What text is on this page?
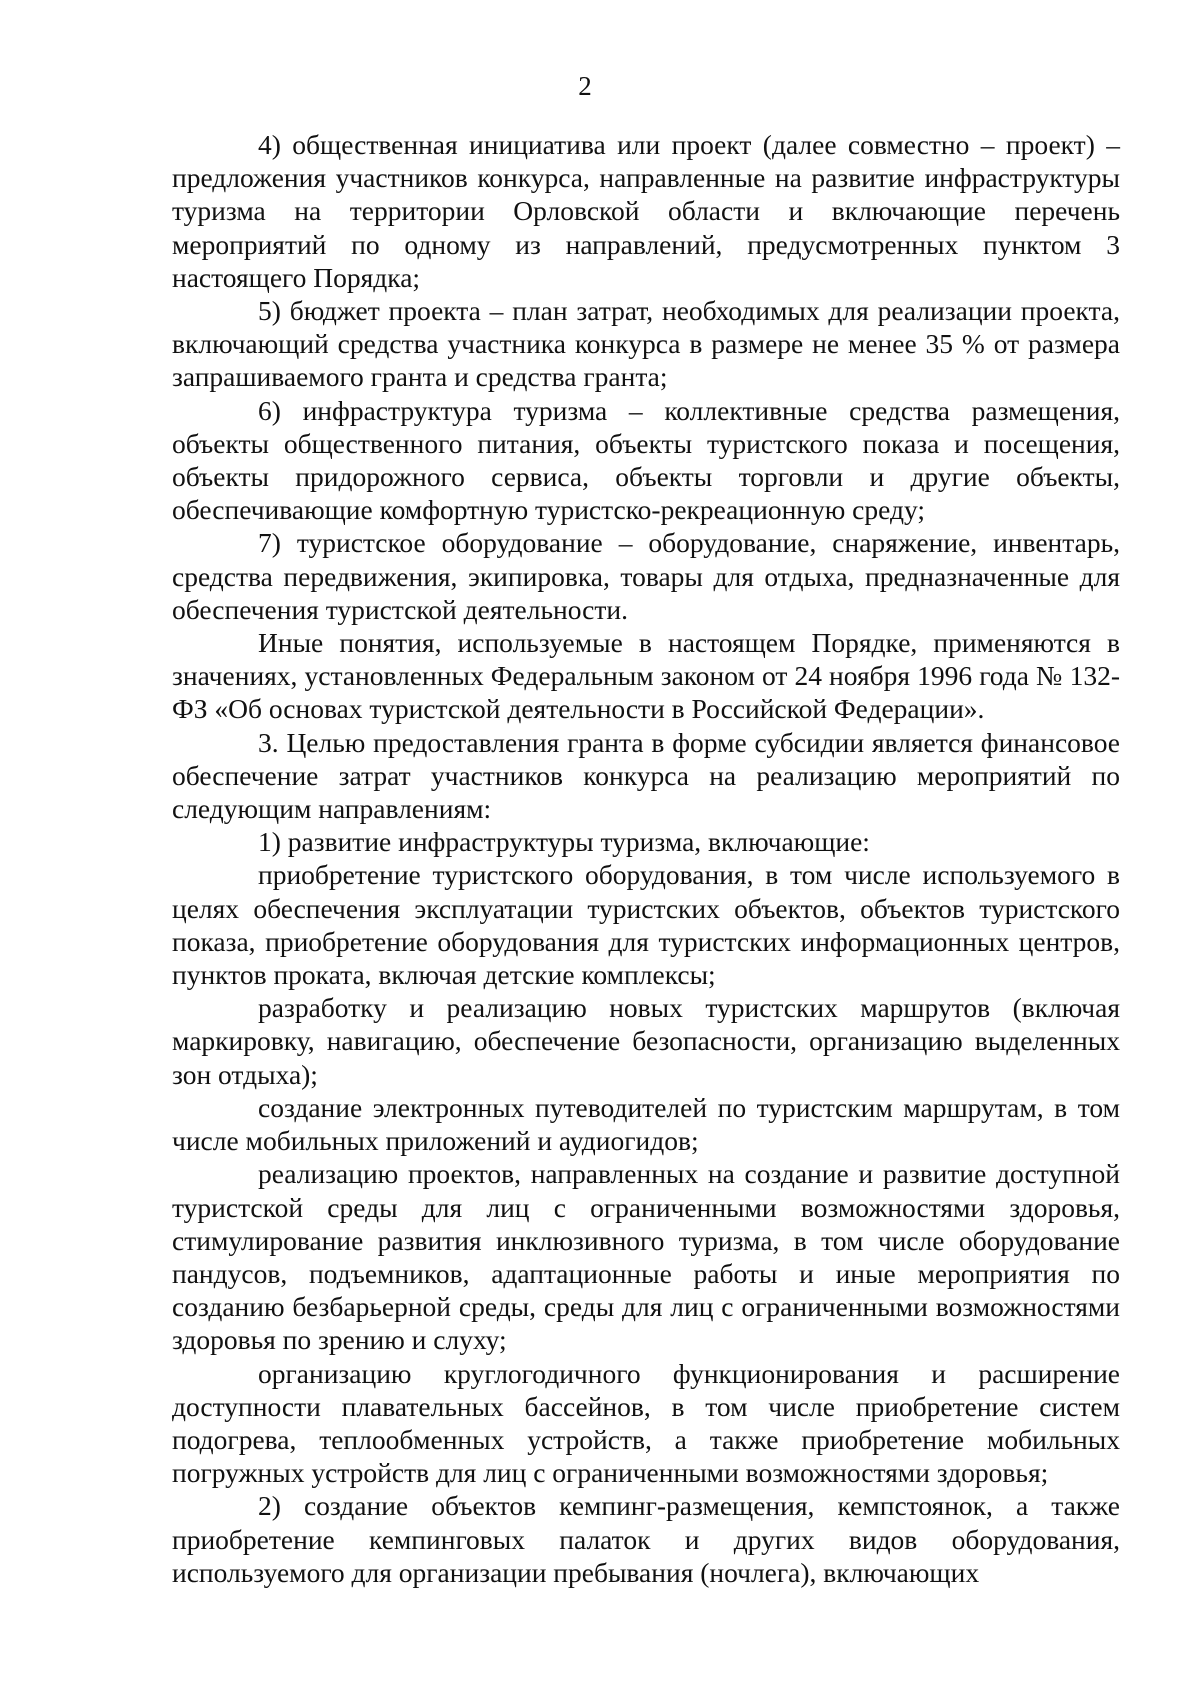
2

4) общественная инициатива или проект (далее совместно – проект) – предложения участников конкурса, направленные на развитие инфраструктуры туризма на территории Орловской области и включающие перечень мероприятий по одному из направлений, предусмотренных пунктом 3 настоящего Порядка;

5) бюджет проекта – план затрат, необходимых для реализации проекта, включающий средства участника конкурса в размере не менее 35 % от размера запрашиваемого гранта и средства гранта;

6) инфраструктура туризма – коллективные средства размещения, объекты общественного питания, объекты туристского показа и посещения, объекты придорожного сервиса, объекты торговли и другие объекты, обеспечивающие комфортную туристско-рекреационную среду;

7) туристское оборудование – оборудование, снаряжение, инвентарь, средства передвижения, экипировка, товары для отдыха, предназначенные для обеспечения туристской деятельности.

Иные понятия, используемые в настоящем Порядке, применяются в значениях, установленных Федеральным законом от 24 ноября 1996 года № 132-ФЗ «Об основах туристской деятельности в Российской Федерации».

3. Целью предоставления гранта в форме субсидии является финансовое обеспечение затрат участников конкурса на реализацию мероприятий по следующим направлениям:

1) развитие инфраструктуры туризма, включающие:

приобретение туристского оборудования, в том числе используемого в целях обеспечения эксплуатации туристских объектов, объектов туристского показа, приобретение оборудования для туристских информационных центров, пунктов проката, включая детские комплексы;

разработку и реализацию новых туристских маршрутов (включая маркировку, навигацию, обеспечение безопасности, организацию выделенных зон отдыха);

создание электронных путеводителей по туристским маршрутам, в том числе мобильных приложений и аудиогидов;

реализацию проектов, направленных на создание и развитие доступной туристской среды для лиц с ограниченными возможностями здоровья, стимулирование развития инклюзивного туризма, в том числе оборудование пандусов, подъемников, адаптационные работы и иные мероприятия по созданию безбарьерной среды, среды для лиц с ограниченными возможностями здоровья по зрению и слуху;

организацию круглогодичного функционирования и расширение доступности плавательных бассейнов, в том числе приобретение систем подогрева, теплообменных устройств, а также приобретение мобильных погружных устройств для лиц с ограниченными возможностями здоровья;

2) создание объектов кемпинг-размещения, кемпстоянок, а также приобретение кемпинговых палаток и других видов оборудования, используемого для организации пребывания (ночлега), включающих
